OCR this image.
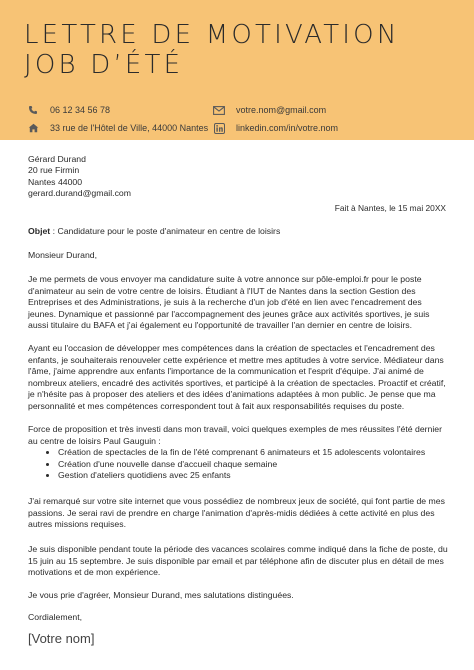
LETTRE DE MOTIVATION
JOB D’ÉTÉ
06 12 34 56 78
33 rue de l'Hôtel de Ville, 44000 Nantes
votre.nom@gmail.com
linkedin.com/in/votre.nom
Gérard Durand
20 rue Firmin
Nantes 44000
gerard.durand@gmail.com
Fait à Nantes, le 15 mai 20XX
Objet : Candidature pour le poste d'animateur en centre de loisirs
Monsieur Durand,

Je me permets de vous envoyer ma candidature suite à votre annonce sur pôle-emploi.fr pour le poste d'animateur au sein de votre centre de loisirs. Étudiant à l'IUT de Nantes dans la section Gestion des Entreprises et des Administrations, je suis à la recherche d'un job d'été en lien avec l'encadrement des jeunes. Dynamique et passionné par l'accompagnement des jeunes grâce aux activités sportives, je suis aussi titulaire du BAFA et j'ai également eu l'opportunité de travailler l'an dernier en centre de loisirs.

Ayant eu l'occasion de développer mes compétences dans la création de spectacles et l'encadrement des enfants, je souhaiterais renouveler cette expérience et mettre mes aptitudes à votre service. Médiateur dans l'âme, j'aime apprendre aux enfants l'importance de la communication et l'esprit d'équipe. J'ai animé de nombreux ateliers, encadré des activités sportives, et participé à la création de spectacles. Proactif et créatif, je n'hésite pas à proposer des ateliers et des idées d'animations adaptées à mon public. Je pense que ma personnalité et mes compétences correspondent tout à fait aux responsabilités requises du poste.

Force de proposition et très investi dans mon travail, voici quelques exemples de mes réussites l'été dernier au centre de loisirs Paul Gauguin :

• Création de spectacles de la fin de l'été comprenant 6 animateurs et 15 adolescents volontaires
• Création d'une nouvelle danse d'accueil chaque semaine
• Gestion d'ateliers quotidiens avec 25 enfants

J'ai remarqué sur votre site internet que vous possédiez de nombreux jeux de société, qui font partie de mes passions. Je serai ravi de prendre en charge l'animation d'après-midis dédiées à cette activité en plus des autres missions requises.

Je suis disponible pendant toute la période des vacances scolaires comme indiqué dans la fiche de poste, du 15 juin au 15 septembre. Je suis disponible par email et par téléphone afin de discuter plus en détail de mes motivations et de mon expérience.

Je vous prie d'agréer, Monsieur Durand, mes salutations distinguées.

Cordialement,
[Votre nom]
